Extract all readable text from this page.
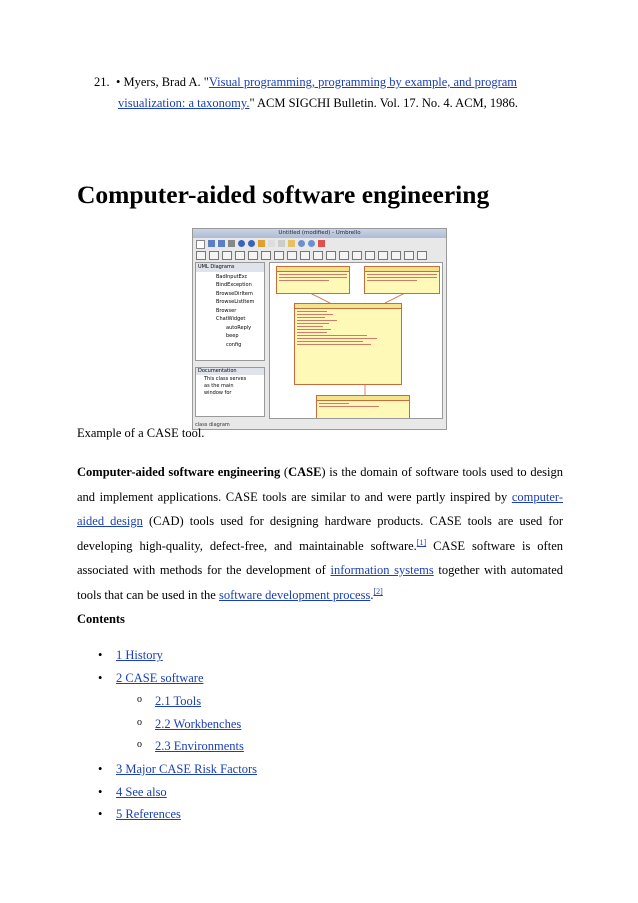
21. • Myers, Brad A. "Visual programming, programming by example, and program
visualization: a taxonomy." ACM SIGCHI Bulletin. Vol. 17. No. 4. ACM, 1986.
Computer-aided software engineering
Untitled (modified) - Umbrello
UML Diagrams
BadInputExc
BindException
BrowseDirItem
BrowseListItem
Browser
ChatWidget
autoReply
beep
config
Documentation
This class serves
as the main
window for
class diagram
Example of a CASE tool.
Computer-aided software engineering (CASE) is the domain of software tools used to design and implement applications. CASE tools are similar to and were partly inspired by computer-aided design (CAD) tools used for designing hardware products. CASE tools are used for developing high-quality, defect-free, and maintainable software.[1] CASE software is often associated with methods for the development of information systems together with automated tools that can be used in the software development process.[2]
Contents
• 1 History
• 2 CASE software
o 2.1 Tools
o 2.2 Workbenches
o 2.3 Environments
• 3 Major CASE Risk Factors
• 4 See also
• 5 References
